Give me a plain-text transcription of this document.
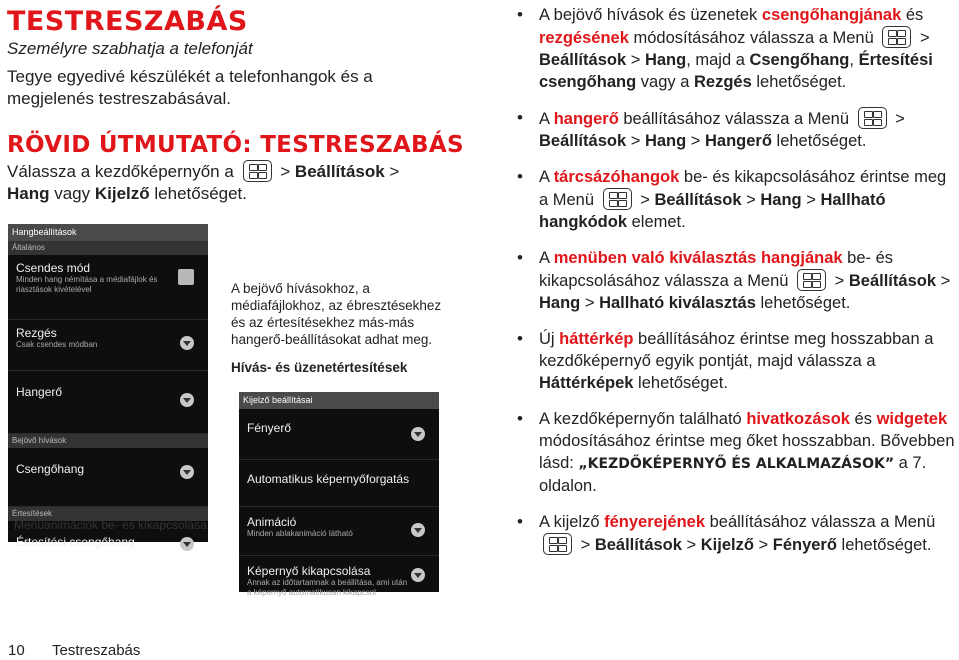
TESTRESZABÁS
Személyre szabhatja a telefonját
Tegye egyedivé készülékét a telefonhangok és a megjelenés testreszabásával.
RÖVID ÚTMUTATÓ: TESTRESZABÁS
Válassza a kezdőképernyőn a
> Beállítások > Hang vagy Kijelző lehetőséget.
Hangbeállítások
Általános
Csendes mód
Minden hang némítása a médiafájlok és riasztások kivételével
Rezgés
Csak csendes módban
Hangerő
Bejövő hívások
Csengőhang
Értesítések
Értesítési csengőhang
Menüanimációk be- és kikapcsolása
A bejövő hívásokhoz, a médiafájlokhoz, az ébresztésekhez és az értesítésekhez más-más hangerő-beállításokat adhat meg.
Hívás- és üzenetértesítések
Kijelző beállításai
Fényerő
Automatikus képernyőforgatás
Animáció
Minden ablakanimáció látható
Képernyő kikapcsolása
Annak az időtartamnak a beállítása, ami után a képernyő automatikusan kikapcsol
• A bejövő hívások és üzenetek csengőhangjának és rezgésének módosításához válassza a Menü
> Beállítások > Hang, majd a Csengőhang, Értesítési csengőhang vagy a Rezgés lehetőséget.
• A hangerő beállításához válassza a Menü
> Beállítások > Hang > Hangerő lehetőséget.
• A tárcsázóhangok be- és kikapcsolásához érintse meg a Menü
> Beállítások > Hang > Hallható hangkódok elemet.
• A menüben való kiválasztás hangjának be- és kikapcsolásához válassza a Menü
> Beállítások > Hang > Hallható kiválasztás lehetőséget.
• Új háttérkép beállításához érintse meg hosszabban a kezdőképernyő egyik pontját, majd válassza a Háttérképek lehetőséget.
• A kezdőképernyőn található hivatkozások és widgetek módosításához érintse meg őket hosszabban. Bővebben lásd: „KEZDŐKÉPERNYŐ ÉS ALKALMAZÁSOK” a 7. oldalon.
• A kijelző fényerejének beállításához válassza a Menü
> Beállítások > Kijelző > Fényerő lehetőséget.
10 Testreszabás
